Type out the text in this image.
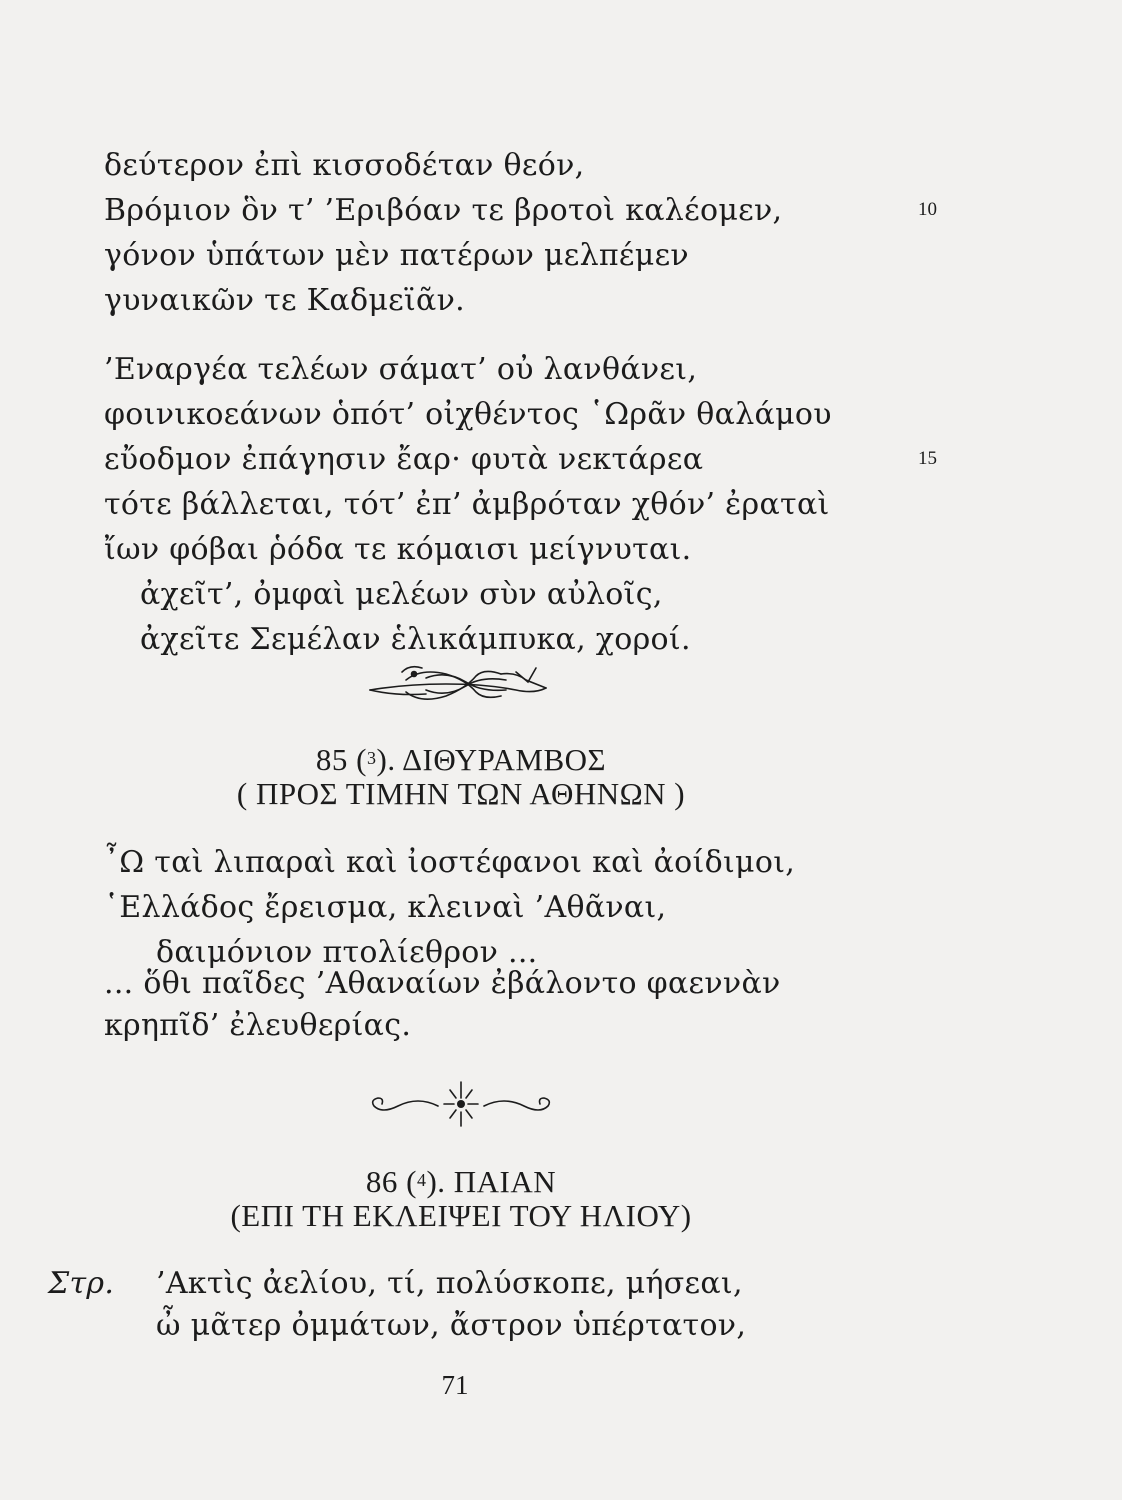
δεύτερον ἐπὶ κισσοδέταν θεόν,
Βρόμιον ὃν τ’ ’Εριβόαν τε βροτοὶ καλέομεν,	10
γόνον ὑπάτων μὲν πατέρων μελπέμεν
γυναικῶν τε Καδμεϊᾶν.
’Εναργέα τελέων σάματ’ οὐ λανθάνει,
φοινικοεάνων ὁπότ’ οἰχθέντος ῾Ωρᾶν θαλάμου
εὔοδμον ἐπάγησιν ἔαρ· φυτὰ νεκτάρεα	15
τότε βάλλεται, τότ’ ἐπ’ ἀμβρόταν χθόν’ ἐραταὶ
ἴων φόβαι ῥόδα τε κόμαισι μείγνυται.
ἀχεῖτ’, ὀμφαὶ μελέων σὺν αὐλοῖς,
ἀχεῖτε Σεμέλαν ἑλικάμπυκα, χοροί.
85 ($^3$). ΔΙΘΥΡΑΜΒΟΣ
( ΠΡΟΣ ΤΙΜΗΝ ΤΩΝ ΑΘΗΝΩΝ )
῏Ω ταὶ λιπαραὶ καὶ ἰοστέφανοι καὶ ἀοίδιμοι,
῾Ελλάδος ἔρεισμα, κλειναὶ ’Αθᾶναι,
δαιμόνιον πτολίεθρον ...
... ὅθι παῖδες ’Αθαναίων ἐβάλοντο φαεννὰν
κρηπῖδ’ ἐλευθερίας.
86 ($^4$). ΠΑΙΑΝ
(ΕΠΙ ΤΗ ΕΚΛΕΙΨΕΙ ΤΟΥ ΗΛΙΟΥ)
Στρ. ’Ακτὶς ἀελίου, τί, πολύσκοπε, μήσεαι,
ὦ μᾶτερ ὀμμάτων, ἄστρον ὑπέρτατον,
71
